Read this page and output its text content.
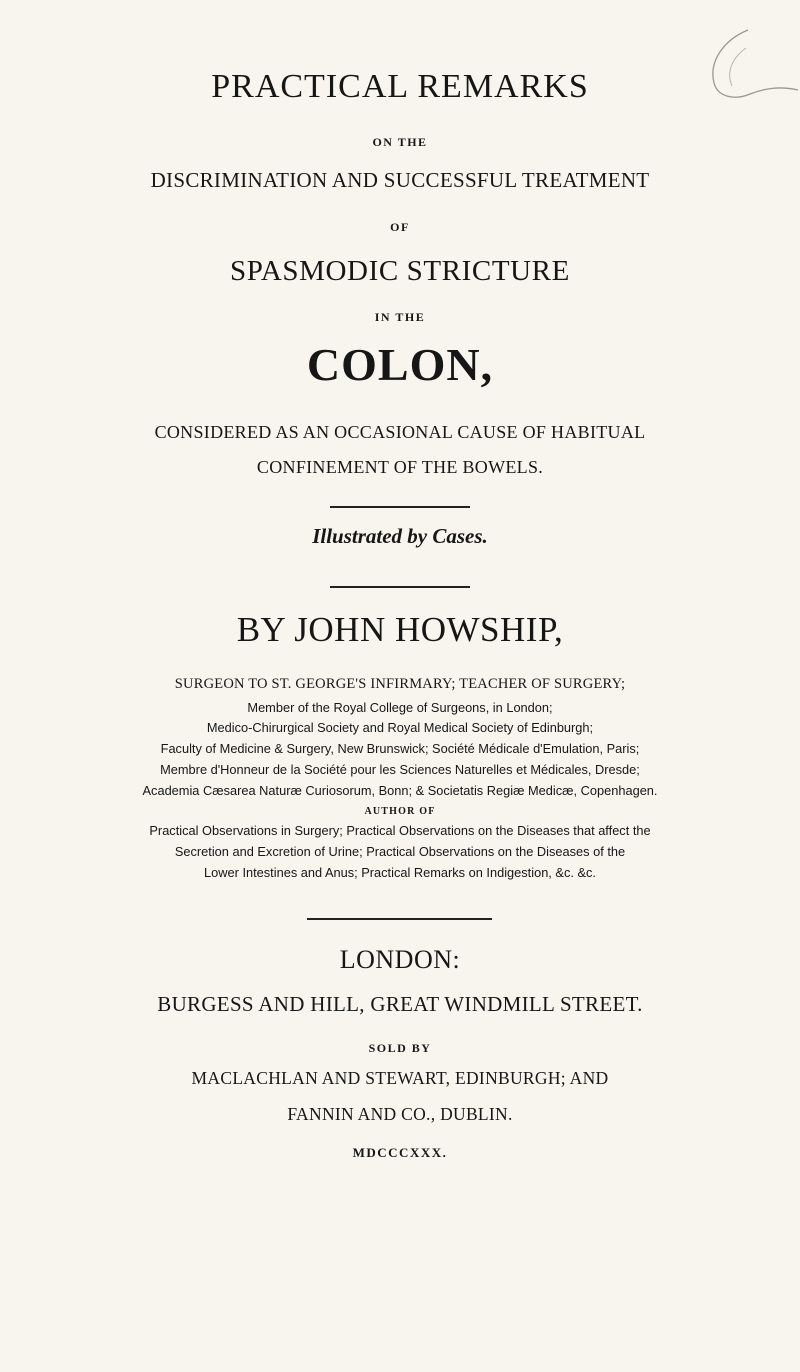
PRACTICAL REMARKS
ON THE
DISCRIMINATION AND SUCCESSFUL TREATMENT
OF
SPASMODIC STRICTURE
IN THE
COLON,
CONSIDERED AS AN OCCASIONAL CAUSE OF HABITUAL
CONFINEMENT OF THE BOWELS.
Illustrated by Cases.
BY JOHN HOWSHIP,
SURGEON TO ST. GEORGE'S INFIRMARY; TEACHER OF SURGERY;
Member of the Royal College of Surgeons, in London;
Medico-Chirurgical Society and Royal Medical Society of Edinburgh;
Faculty of Medicine & Surgery, New Brunswick; Société Médicale d'Emulation, Paris;
Membre d'Honneur de la Société pour les Sciences Naturelles et Médicales, Dresde;
Academia Cæsarea Naturæ Curiosorum, Bonn; & Societatis Regiæ Medicæ, Copenhagen.
AUTHOR OF
Practical Observations in Surgery; Practical Observations on the Diseases that affect the
Secretion and Excretion of Urine; Practical Observations on the Diseases of the
Lower Intestines and Anus; Practical Remarks on Indigestion, &c. &c.
LONDON:
BURGESS AND HILL, GREAT WINDMILL STREET.
SOLD BY
MACLACHLAN AND STEWART, EDINBURGH; AND
FANNIN AND CO., DUBLIN.
MDCCCXXX.
